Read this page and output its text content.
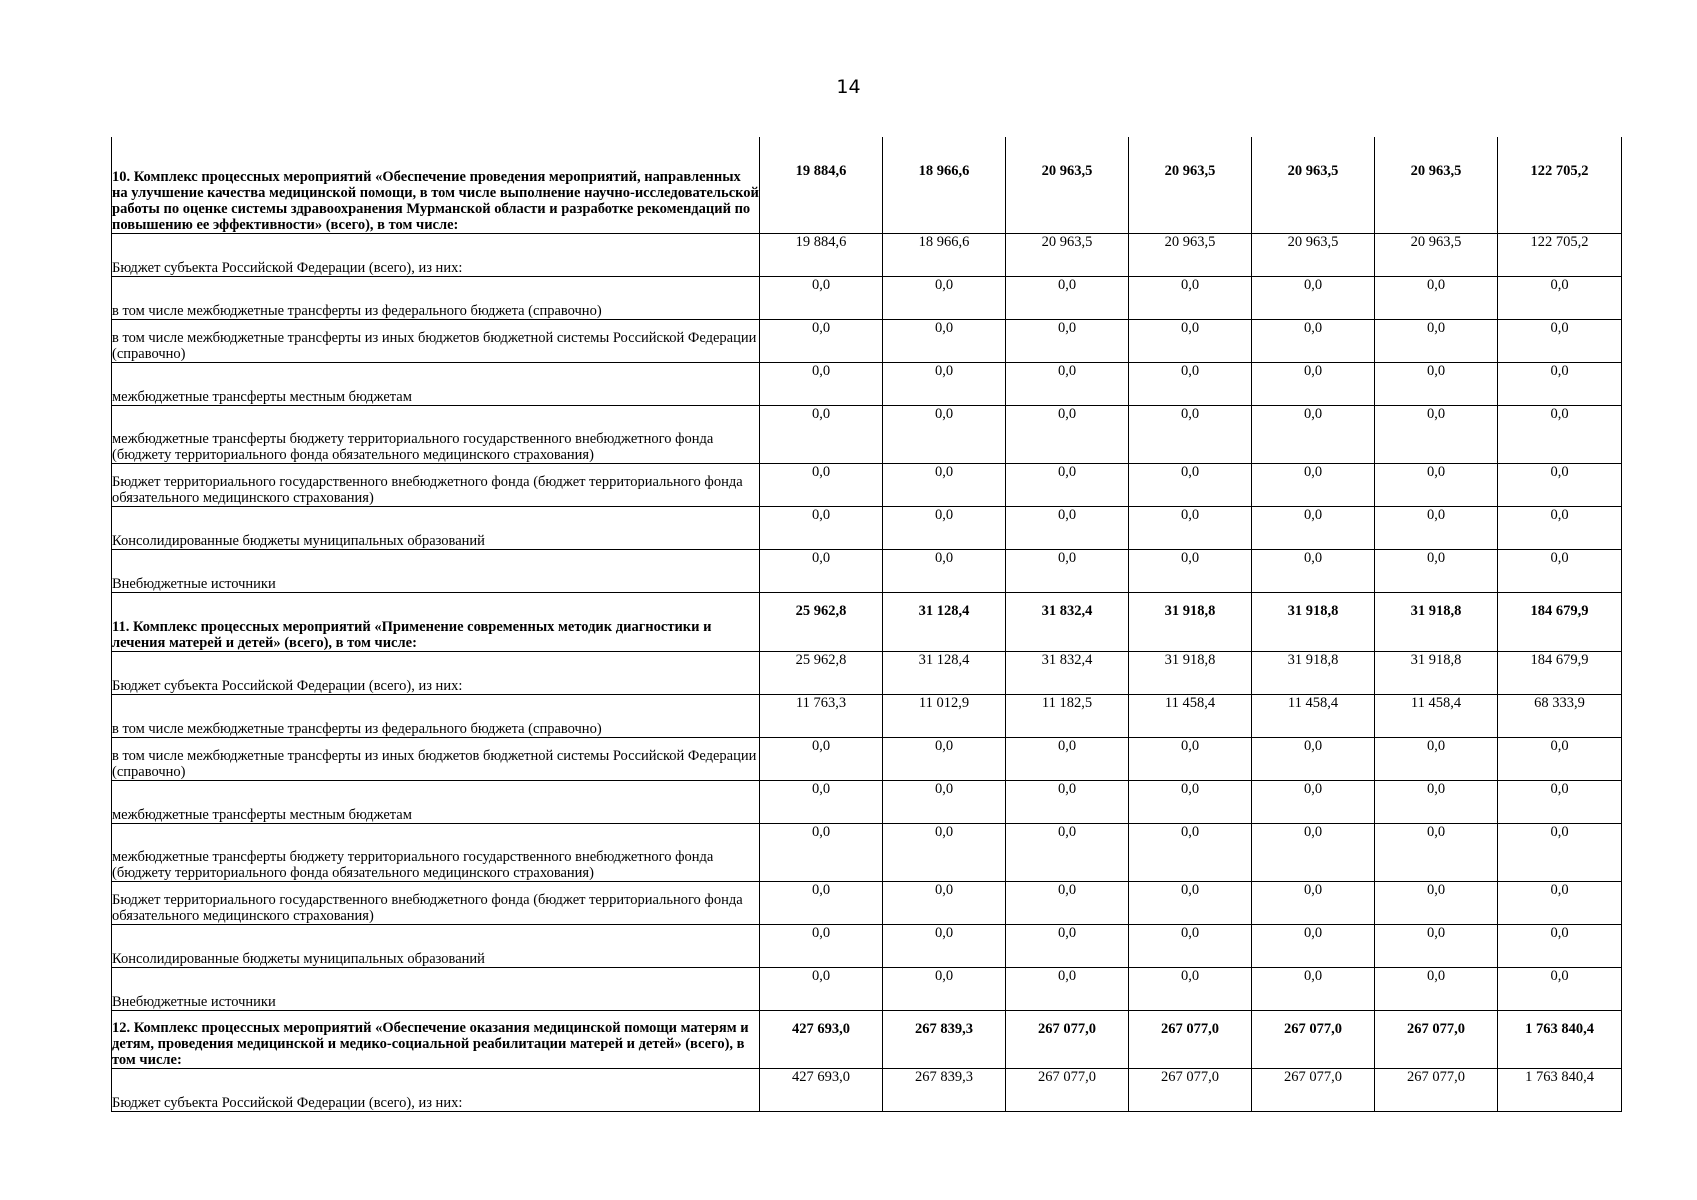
14
10. Комплекс процессных мероприятий «Обеспечение проведения мероприятий, направленных на улучшение качества медицинской помощи, в том числе выполнение научно-исследовательской работы по оценке системы здравоохранения Мурманской области и разработке рекомендаций по повышению ее эффективности» (всего), в том числе:	19 884,6	18 966,6	20 963,5	20 963,5	20 963,5	20 963,5	122 705,2
Бюджет субъекта Российской Федерации (всего), из них:	19 884,6	18 966,6	20 963,5	20 963,5	20 963,5	20 963,5	122 705,2
в том числе межбюджетные трансферты из федерального бюджета (справочно)	0,0	0,0	0,0	0,0	0,0	0,0	0,0
в том числе межбюджетные трансферты из иных бюджетов бюджетной системы Российской Федерации (справочно)	0,0	0,0	0,0	0,0	0,0	0,0	0,0
межбюджетные трансферты местным бюджетам	0,0	0,0	0,0	0,0	0,0	0,0	0,0
межбюджетные трансферты бюджету территориального государственного внебюджетного фонда (бюджету территориального фонда обязательного медицинского страхования)	0,0	0,0	0,0	0,0	0,0	0,0	0,0
Бюджет территориального государственного внебюджетного фонда (бюджет территориального фонда обязательного медицинского страхования)	0,0	0,0	0,0	0,0	0,0	0,0	0,0
Консолидированные бюджеты муниципальных образований	0,0	0,0	0,0	0,0	0,0	0,0	0,0
Внебюджетные источники	0,0	0,0	0,0	0,0	0,0	0,0	0,0
11. Комплекс процессных мероприятий «Применение современных методик диагностики и лечения матерей и детей» (всего), в том числе:	25 962,8	31 128,4	31 832,4	31 918,8	31 918,8	31 918,8	184 679,9
Бюджет субъекта Российской Федерации (всего), из них:	25 962,8	31 128,4	31 832,4	31 918,8	31 918,8	31 918,8	184 679,9
в том числе межбюджетные трансферты из федерального бюджета (справочно)	11 763,3	11 012,9	11 182,5	11 458,4	11 458,4	11 458,4	68 333,9
в том числе межбюджетные трансферты из иных бюджетов бюджетной системы Российской Федерации (справочно)	0,0	0,0	0,0	0,0	0,0	0,0	0,0
межбюджетные трансферты местным бюджетам	0,0	0,0	0,0	0,0	0,0	0,0	0,0
межбюджетные трансферты бюджету территориального государственного внебюджетного фонда (бюджету территориального фонда обязательного медицинского страхования)	0,0	0,0	0,0	0,0	0,0	0,0	0,0
Бюджет территориального государственного внебюджетного фонда (бюджет территориального фонда обязательного медицинского страхования)	0,0	0,0	0,0	0,0	0,0	0,0	0,0
Консолидированные бюджеты муниципальных образований	0,0	0,0	0,0	0,0	0,0	0,0	0,0
Внебюджетные источники	0,0	0,0	0,0	0,0	0,0	0,0	0,0
12. Комплекс процессных мероприятий «Обеспечение оказания медицинской помощи матерям и детям, проведения медицинской и медико-социальной реабилитации матерей и детей» (всего), в том числе:	427 693,0	267 839,3	267 077,0	267 077,0	267 077,0	267 077,0	1 763 840,4
Бюджет субъекта Российской Федерации (всего), из них:	427 693,0	267 839,3	267 077,0	267 077,0	267 077,0	267 077,0	1 763 840,4
